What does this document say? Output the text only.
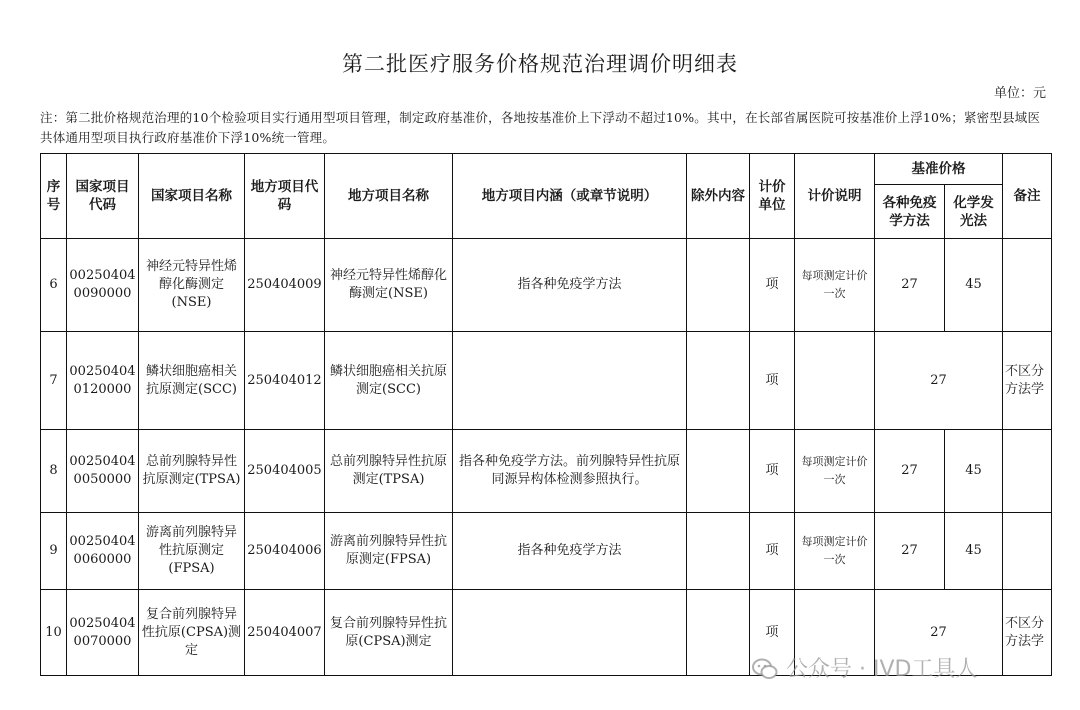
第二批医疗服务价格规范治理调价明细表
单位：元
注：第二批价格规范治理的10个检验项目实行通用型项目管理，制定政府基准价，各地按基准价上下浮动不超过10%。其中，在长部省属医院可按基准价上浮10%；紧密型县域医共体通用型项目执行政府基准价下浮10%统一管理。
序号	国家项目代码	国家项目名称	地方项目代码	地方项目名称	地方项目内涵（或章节说明）	除外内容	计价单位	计价说明	基准价格		备注
									各种免疫学方法	化学发光法	
6	00250404 0090000	神经元特异性烯醇化酶测定(NSE)	250404009	神经元特异性烯醇化酶测定(NSE)	指各种免疫学方法		项	每项测定计价一次	27	45	
7	00250404 0120000	鳞状细胞癌相关抗原测定(SCC)	250404012	鳞状细胞癌相关抗原测定(SCC)			项		27		不区分方法学
8	00250404 0050000	总前列腺特异性抗原测定(TPSA)	250404005	总前列腺特异性抗原测定(TPSA)	指各种免疫学方法。前列腺特异性抗原同源异构体检测参照执行。		项	每项测定计价一次	27	45	
9	00250404 0060000	游离前列腺特异性抗原测定(FPSA)	250404006	游离前列腺特异性抗原测定(FPSA)	指各种免疫学方法		项	每项测定计价一次	27	45	
10	00250404 0070000	复合前列腺特异性抗原(CPSA)测定	250404007	复合前列腺特异性抗原(CPSA)测定			项		27		不区分方法学
公众号 · IVD工具人
